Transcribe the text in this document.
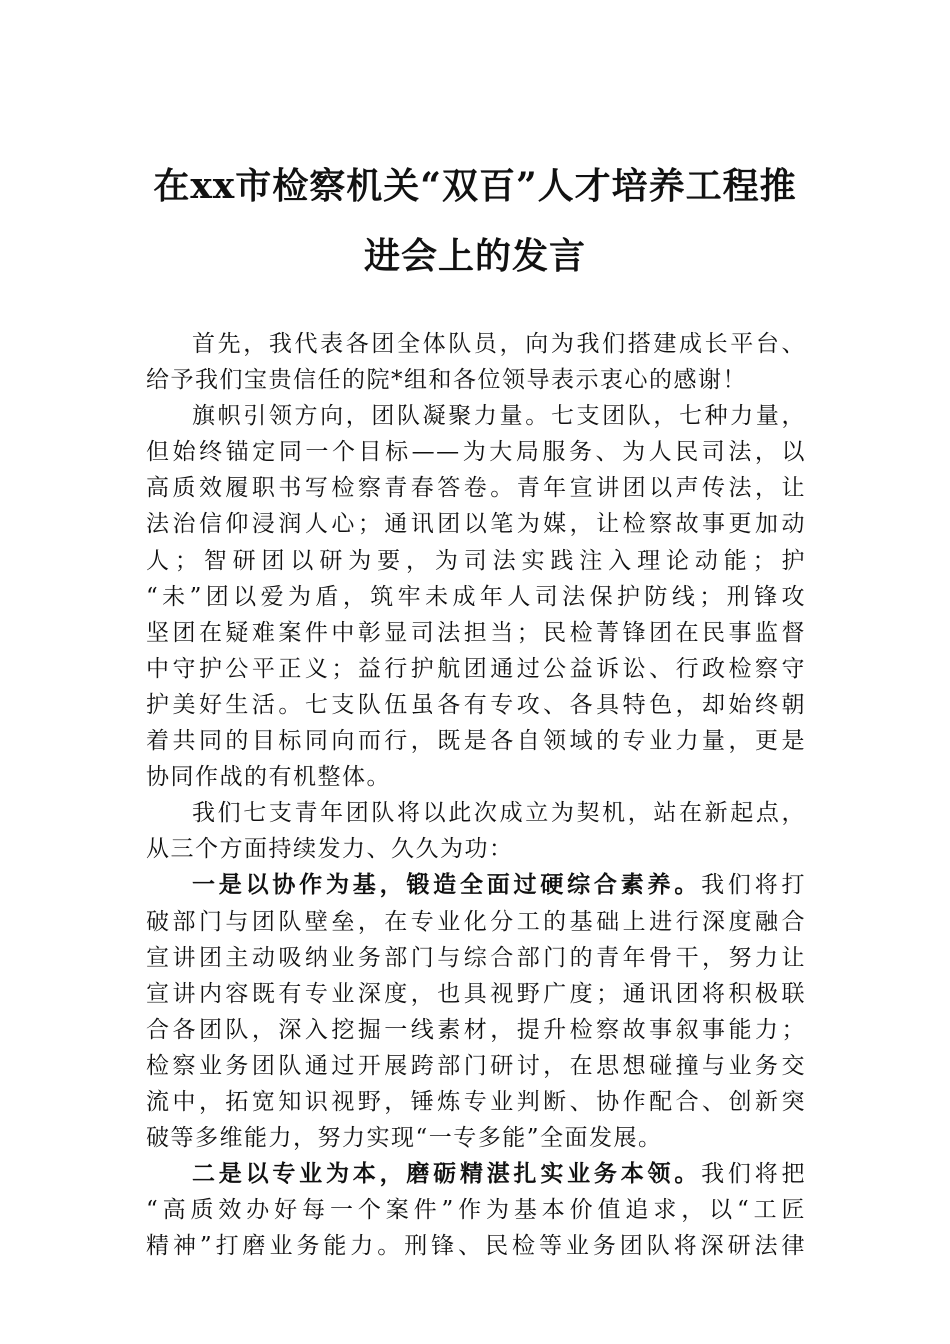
在xx市检察机关“双百”人才培养工程推
进会上的发言
首先，我代表各团全体队员，向为我们搭建成长平台、
给予我们宝贵信任的院*组和各位领导表示衷心的感谢！
旗帜引领方向，团队凝聚力量。七支团队，七种力量，
但始终锚定同一个目标——为大局服务、为人民司法，以
高质效履职书写检察青春答卷。青年宣讲团以声传法，让
法治信仰浸润人心；通讯团以笔为媒，让检察故事更加动
人；智研团以研为要，为司法实践注入理论动能；护
“未”团以爱为盾，筑牢未成年人司法保护防线；刑锋攻
坚团在疑难案件中彰显司法担当；民检菁锋团在民事监督
中守护公平正义；益行护航团通过公益诉讼、行政检察守
护美好生活。七支队伍虽各有专攻、各具特色，却始终朝
着共同的目标同向而行，既是各自领域的专业力量，更是
协同作战的有机整体。
我们七支青年团队将以此次成立为契机，站在新起点，
从三个方面持续发力、久久为功：
一是以协作为基，锻造全面过硬综合素养。我们将打
破部门与团队壁垒，在专业化分工的基础上进行深度融合
宣讲团主动吸纳业务部门与综合部门的青年骨干，努力让
宣讲内容既有专业深度，也具视野广度；通讯团将积极联
合各团队，深入挖掘一线素材，提升检察故事叙事能力；
检察业务团队通过开展跨部门研讨，在思想碰撞与业务交
流中，拓宽知识视野，锤炼专业判断、协作配合、创新突
破等多维能力，努力实现“一专多能”全面发展。
二是以专业为本，磨砺精湛扎实业务本领。我们将把
“高质效办好每一个案件”作为基本价值追求，以“工匠
精神”打磨业务能力。刑锋、民检等业务团队将深研法律
